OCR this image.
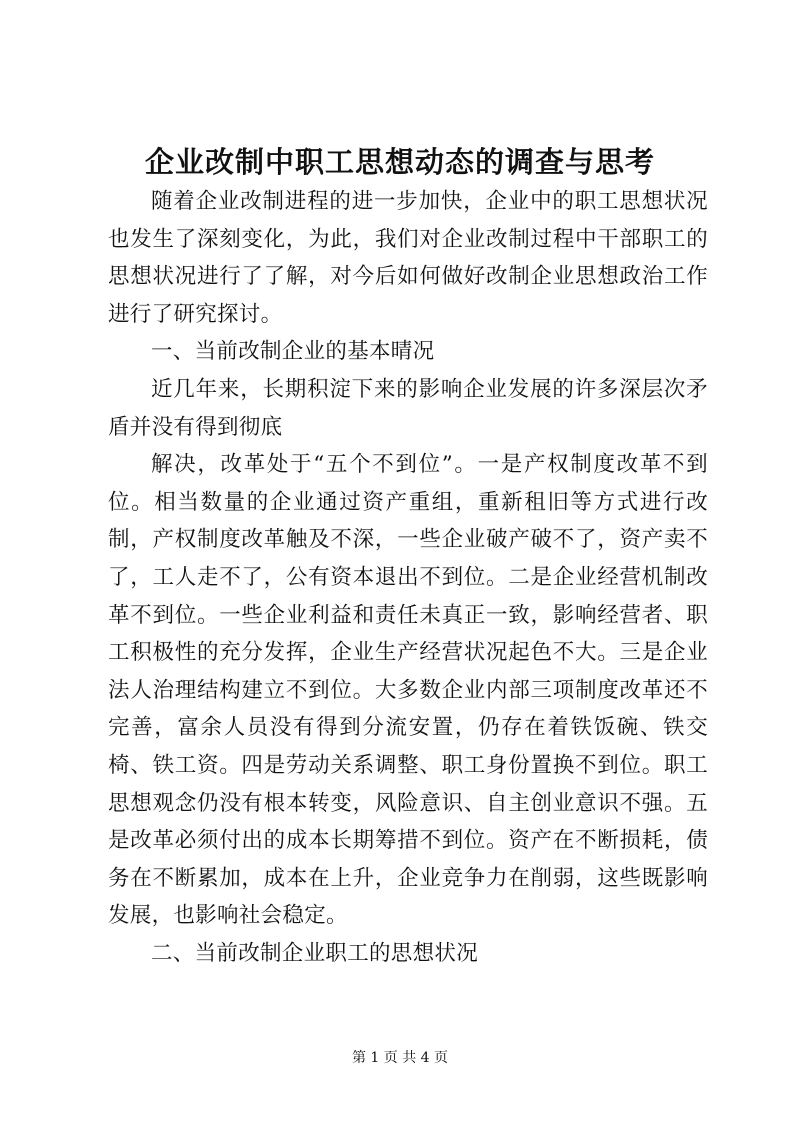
企业改制中职工思想动态的调查与思考

随着企业改制进程的进一步加快，企业中的职工思想状况也发生了深刻变化，为此，我们对企业改制过程中干部职工的思想状况进行了了解，对今后如何做好改制企业思想政治工作进行了研究探讨。

一、当前改制企业的基本晴况

近几年来，长期积淀下来的影响企业发展的许多深层次矛盾并没有得到彻底

解决，改革处于“五个不到位”。一是产权制度改革不到位。相当数量的企业通过资产重组，重新租旧等方式进行改制，产权制度改革触及不深，一些企业破产破不了，资产卖不了，工人走不了，公有资本退出不到位。二是企业经营机制改革不到位。一些企业利益和责任未真正一致，影响经营者、职工积极性的充分发挥，企业生产经营状况起色不大。三是企业法人治理结构建立不到位。大多数企业内部三项制度改革还不完善，富余人员没有得到分流安置，仍存在着铁饭碗、铁交椅、铁工资。四是劳动关系调整、职工身份置换不到位。职工思想观念仍没有根本转变，风险意识、自主创业意识不强。五是改革必须付出的成本长期筹措不到位。资产在不断损耗，债务在不断累加，成本在上升，企业竞争力在削弱，这些既影响发展，也影响社会稳定。

二、当前改制企业职工的思想状况

第 1 页 共 4 页
